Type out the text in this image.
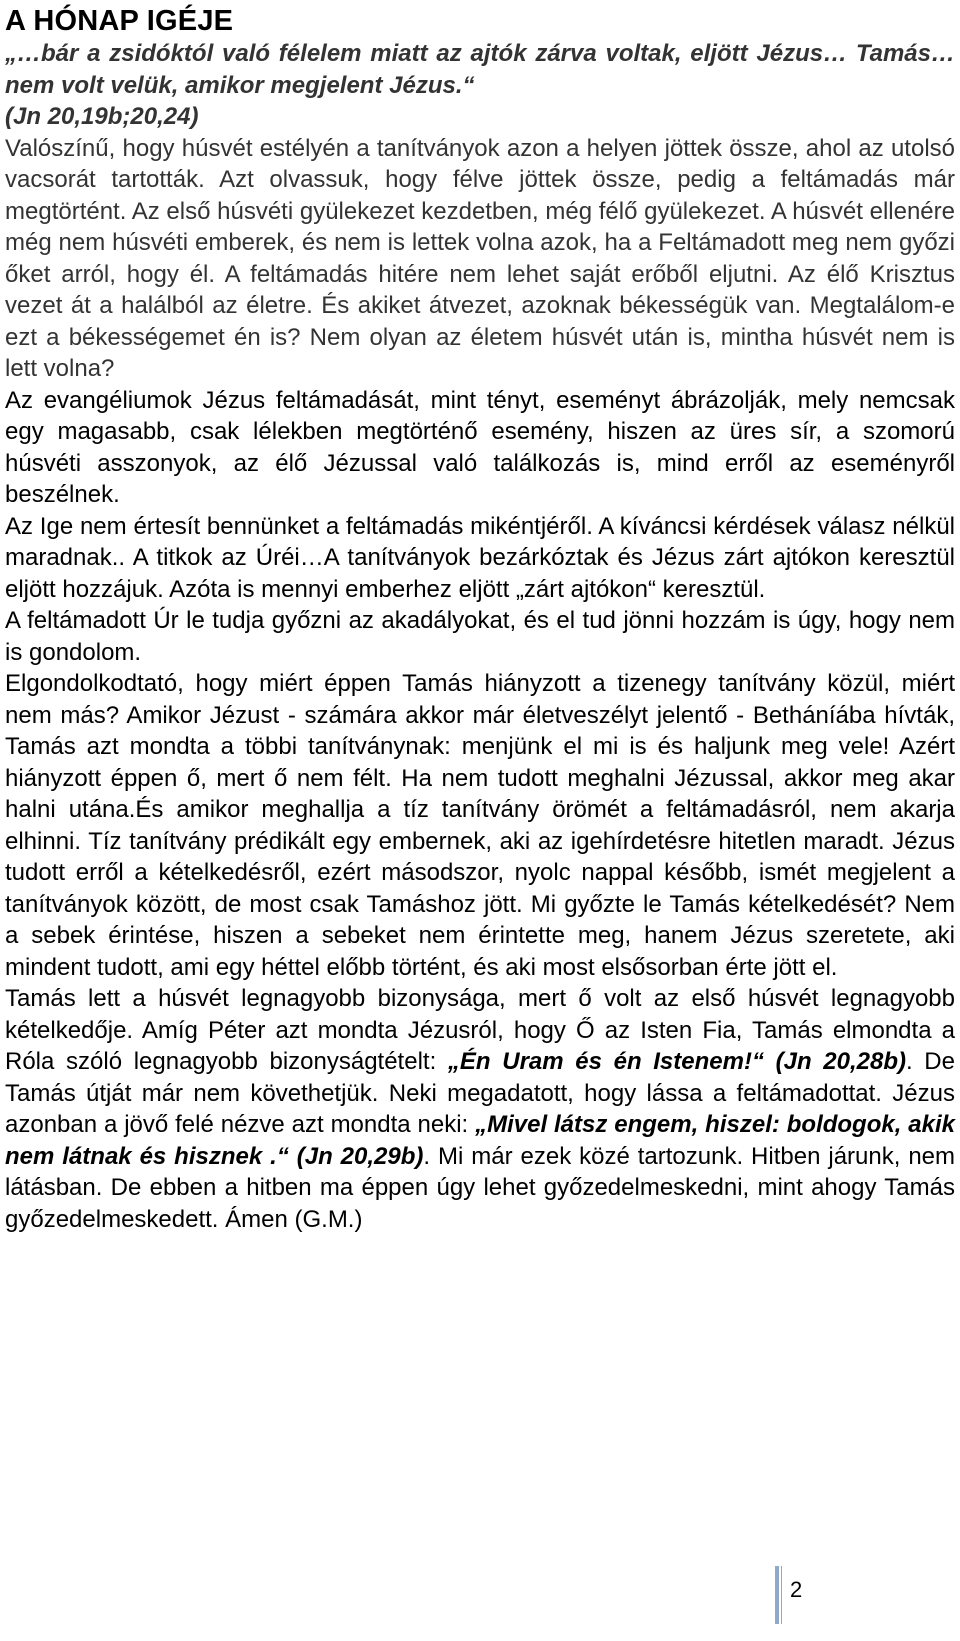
A HÓNAP IGÉJE

„…bár a zsidóktól való félelem miatt az ajtók zárva voltak, eljött Jézus… Tamás… nem volt velük, amikor megjelent Jézus.“

(Jn 20,19b;20,24)

Valószínű, hogy húsvét estélyén a tanítványok azon a helyen jöttek össze, ahol az utolsó vacsorát tartották. Azt olvassuk, hogy félve jöttek össze, pedig a feltámadás már megtörtént. Az első húsvéti gyülekezet kezdetben, még félő gyülekezet. A húsvét ellenére még nem húsvéti emberek, és nem is lettek volna azok, ha a Feltámadott meg nem győzi őket arról, hogy él. A feltámadás hitére nem lehet saját erőből eljutni. Az élő Krisztus vezet át a halálból az életre. És akiket átvezet, azoknak békességük van. Megtalálom-e ezt a békességemet én is? Nem olyan az életem húsvét után is, mintha húsvét nem is lett volna?

Az evangéliumok Jézus feltámadását, mint tényt, eseményt ábrázolják, mely nemcsak egy magasabb, csak lélekben megtörténő esemény, hiszen az üres sír, a szomorú húsvéti asszonyok, az élő Jézussal való találkozás is, mind erről az eseményről beszélnek.

Az Ige nem értesít bennünket a feltámadás mikéntjéről. A kíváncsi kérdések válasz nélkül maradnak.. A titkok az Úréi…A tanítványok bezárkóztak és Jézus zárt ajtókon keresztül eljött hozzájuk. Azóta is mennyi emberhez eljött „zárt ajtókon“ keresztül.

A feltámadott Úr le tudja győzni az akadályokat, és el tud jönni hozzám is úgy, hogy nem is gondolom.

Elgondolkodtató, hogy miért éppen Tamás hiányzott a tizenegy tanítvány közül, miért nem más? Amikor Jézust - számára akkor már életveszélyt jelentő - Betháníába hívták, Tamás azt mondta a többi tanítványnak: menjünk el mi is és haljunk meg vele! Azért hiányzott éppen ő, mert ő nem félt. Ha nem tudott meghalni Jézussal, akkor meg akar halni utána.És amikor meghallja a tíz tanítvány örömét a feltámadásról, nem akarja elhinni. Tíz tanítvány prédikált egy embernek, aki az igehírdetésre hitetlen maradt. Jézus tudott erről a kételkedésről, ezért másodszor, nyolc nappal később, ismét megjelent a tanítványok között, de most csak Tamáshoz jött. Mi győzte le Tamás kételkedését? Nem a sebek érintése, hiszen a sebeket nem érintette meg, hanem Jézus szeretete, aki mindent tudott, ami egy héttel előbb történt, és aki most elsősorban érte jött el.

Tamás lett a húsvét legnagyobb bizonysága, mert ő volt az első húsvét legnagyobb kételkedője. Amíg Péter azt mondta Jézusról, hogy Ő az Isten Fia, Tamás elmondta a Róla szóló legnagyobb bizonyságtételt: „Én Uram és én Istenem!“ (Jn 20,28b). De Tamás útját már nem követhetjük. Neki megadatott, hogy lássa a feltámadottat. Jézus azonban a jövő felé nézve azt mondta neki: „Mivel látsz engem, hiszel: boldogok, akik nem látnak és hisznek .“ (Jn 20,29b). Mi már ezek közé tartozunk. Hitben járunk, nem látásban. De ebben a hitben ma éppen úgy lehet győzedelmeskedni, mint ahogy Tamás győzedelmeskedett. Ámen (G.M.)

2
